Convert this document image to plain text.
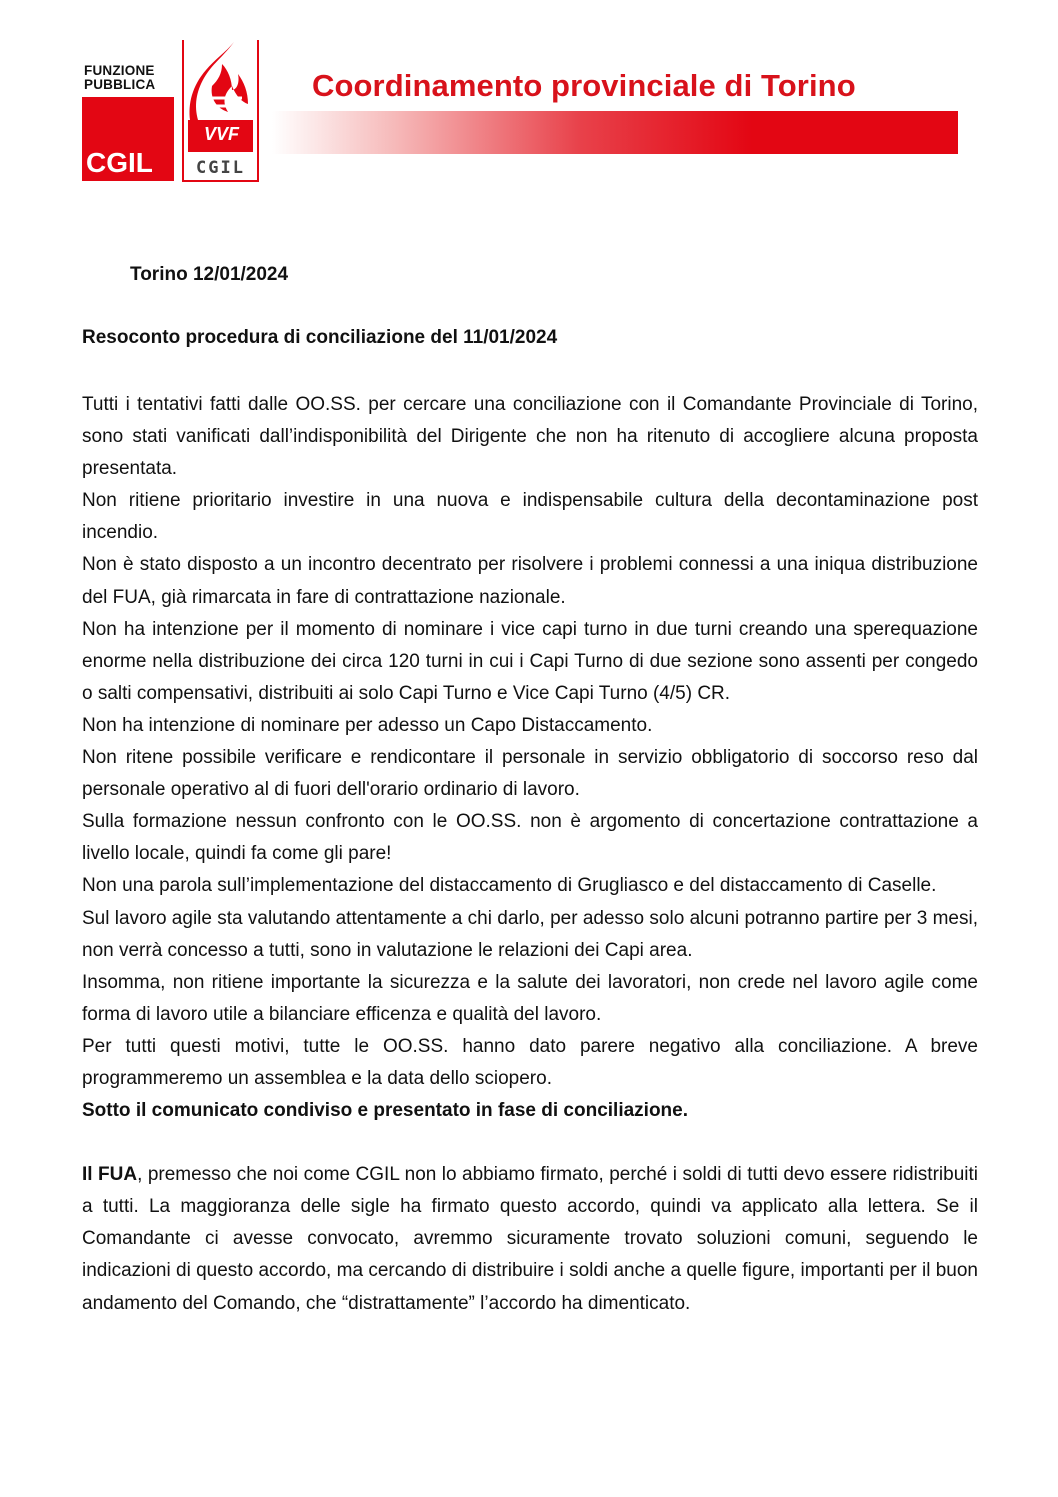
FUNZIONE
PUBBLICA
CGIL
VVF
CGIL
Coordinamento provinciale di Torino
Vigili del Fuoco
Torino 12/01/2024
Resoconto procedura di conciliazione del 11/01/2024

Tutti i tentativi fatti dalle OO.SS. per cercare una conciliazione con il Comandante Provinciale di Torino, sono stati vanificati dall’indisponibilità del Dirigente che non ha ritenuto di accogliere alcuna proposta presentata.

Non ritiene prioritario investire in una nuova e indispensabile cultura della decontaminazione post incendio.

Non è stato disposto a un incontro decentrato per risolvere i problemi connessi a una iniqua distribuzione del FUA, già rimarcata in fare di contrattazione nazionale.

Non ha intenzione per il momento di nominare i vice capi turno in due turni creando una sperequazione enorme nella distribuzione dei circa 120 turni in cui i Capi Turno di due sezione sono assenti per congedo o salti compensativi, distribuiti ai solo Capi Turno e Vice Capi Turno (4/5) CR.

Non ha intenzione di nominare per adesso un Capo Distaccamento.

Non ritene possibile verificare e rendicontare il personale in servizio obbligatorio di soccorso reso dal personale operativo al di fuori dell'orario ordinario di lavoro.

Sulla formazione nessun confronto con le OO.SS. non è argomento di concertazione contrattazione a livello locale, quindi fa come gli pare!

Non una parola sull’implementazione del distaccamento di Grugliasco e del distaccamento di Caselle.

Sul lavoro agile sta valutando attentamente a chi darlo, per adesso solo alcuni potranno partire per 3 mesi, non verrà concesso a tutti, sono in valutazione le relazioni dei Capi area.

Insomma, non ritiene importante la sicurezza e la salute dei lavoratori, non crede nel lavoro agile come forma di lavoro utile a bilanciare efficenza e qualità del lavoro.

Per tutti questi motivi, tutte le OO.SS. hanno dato parere negativo alla conciliazione. A breve programmeremo un assemblea e la data dello sciopero.

Sotto il comunicato condiviso e presentato in fase di conciliazione.

Il FUA, premesso che noi come CGIL non lo abbiamo firmato, perché i soldi di tutti devo essere ridistribuiti a tutti. La maggioranza delle sigle ha firmato questo accordo, quindi va applicato alla lettera. Se il Comandante ci avesse convocato, avremmo sicuramente trovato soluzioni comuni, seguendo le indicazioni di questo accordo, ma cercando di distribuire i soldi anche a quelle figure, importanti per il buon andamento del Comando, che “distrattamente” l’accordo ha dimenticato.
